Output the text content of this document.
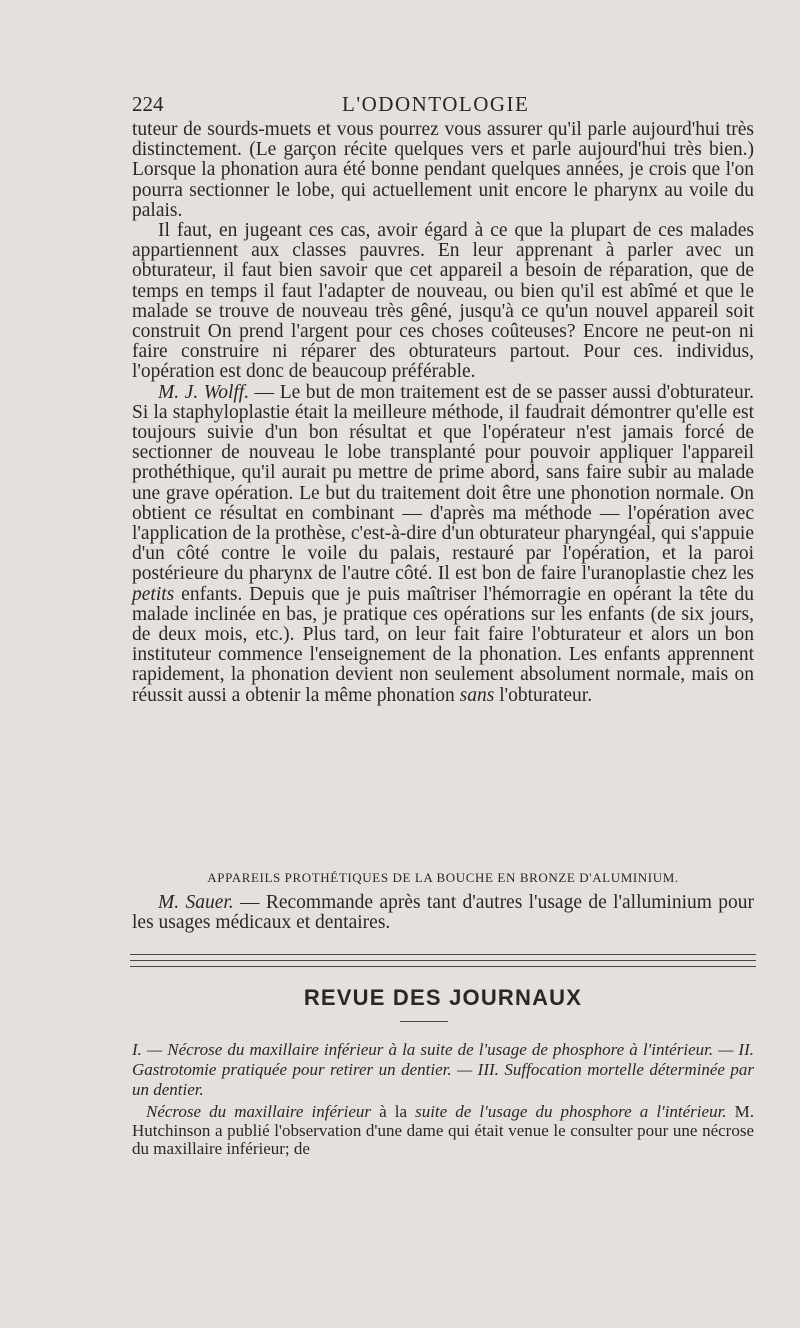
224	L'ODONTOLOGIE

tuteur de sourds-muets et vous pourrez vous assurer qu'il parle aujourd'hui très distinctement. (Le garçon récite quelques vers et parle aujourd'hui très bien.) Lorsque la phonation aura été bonne pendant quelques années, je crois que l'on pourra sectionner le lobe, qui actuellement unit encore le pharynx au voile du palais.

Il faut, en jugeant ces cas, avoir égard à ce que la plupart de ces malades appartiennent aux classes pauvres. En leur apprenant à parler avec un obturateur, il faut bien savoir que cet appareil a besoin de réparation, que de temps en temps il faut l'adapter de nouveau, ou bien qu'il est abîmé et que le malade se trouve de nouveau très gêné, jusqu'à ce qu'un nouvel appareil soit construit On prend l'argent pour ces choses coûteuses? Encore ne peut-on ni faire construire ni réparer des obturateurs partout. Pour ces. individus, l'opération est donc de beaucoup préférable.

M. J. Wolff. — Le but de mon traitement est de se passer aussi d'obturateur. Si la staphyloplastie était la meilleure méthode, il faudrait démontrer qu'elle est toujours suivie d'un bon résultat et que l'opérateur n'est jamais forcé de sectionner de nouveau le lobe transplanté pour pouvoir appliquer l'appareil prothéthique, qu'il aurait pu mettre de prime abord, sans faire subir au malade une grave opération. Le but du traitement doit être une phonotion normale. On obtient ce résultat en combinant — d'après ma méthode — l'opération avec l'application de la prothèse, c'est-à-dire d'un obturateur pharyngéal, qui s'appuie d'un côté contre le voile du palais, restauré par l'opération, et la paroi postérieure du pharynx de l'autre côté. Il est bon de faire l'uranoplastie chez les petits enfants. Depuis que je puis maîtriser l'hémorragie en opérant la tête du malade inclinée en bas, je pratique ces opérations sur les enfants (de six jours, de deux mois, etc.). Plus tard, on leur fait faire l'obturateur et alors un bon instituteur commence l'enseignement de la phonation. Les enfants apprennent rapidement, la phonation devient non seulement absolument normale, mais on réussit aussi a obtenir la même phonation sans l'obturateur.

APPAREILS PROTHÉTIQUES DE LA BOUCHE EN BRONZE D'ALUMINIUM.

M. Sauer. — Recommande après tant d'autres l'usage de l'alluminium pour les usages médicaux et dentaires.

REVUE DES JOURNAUX

I. — Nécrose du maxillaire inférieur à la suite de l'usage de phosphore à l'intérieur. — II. Gastrotomie pratiquée pour retirer un dentier. — III. Suffocation mortelle déterminée par un dentier.

Nécrose du maxillaire inférieur à la suite de l'usage du phosphore a l'intérieur. M. Hutchinson a publié l'observation d'une dame qui était venue le consulter pour une nécrose du maxillaire inférieur; de
